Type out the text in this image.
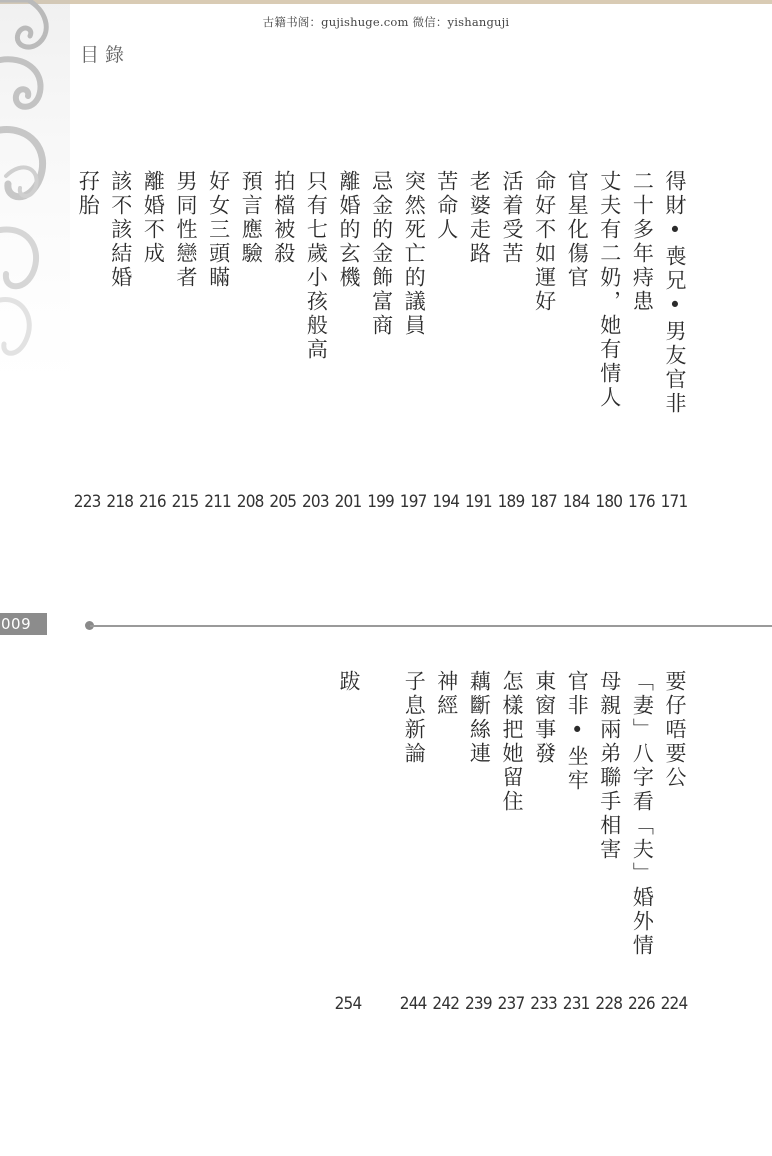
古籍书阁：gujishuge.com 微信：yishanguji
目錄
得財•喪兄•男友官非
171
二十多年痔患
176
丈夫有二奶，她有情人
180
官星化傷官
184
命好不如運好
187
活着受苦
189
老婆走路
191
苦命人
194
突然死亡的議員
197
忌金的金飾富商
199
離婚的玄機
201
只有七歲小孩般高
203
拍檔被殺
205
預言應驗
208
好女三頭瞞
211
男同性戀者
215
離婚不成
216
該不該結婚
218
孖胎
223
009
要仔唔要公
224
「妻」八字看「夫」婚外情
226
母親兩弟聯手相害
228
官非•坐牢
231
東窗事發
233
怎樣把她留住
237
藕斷絲連
239
神經
242
子息新論
244
跋
254
